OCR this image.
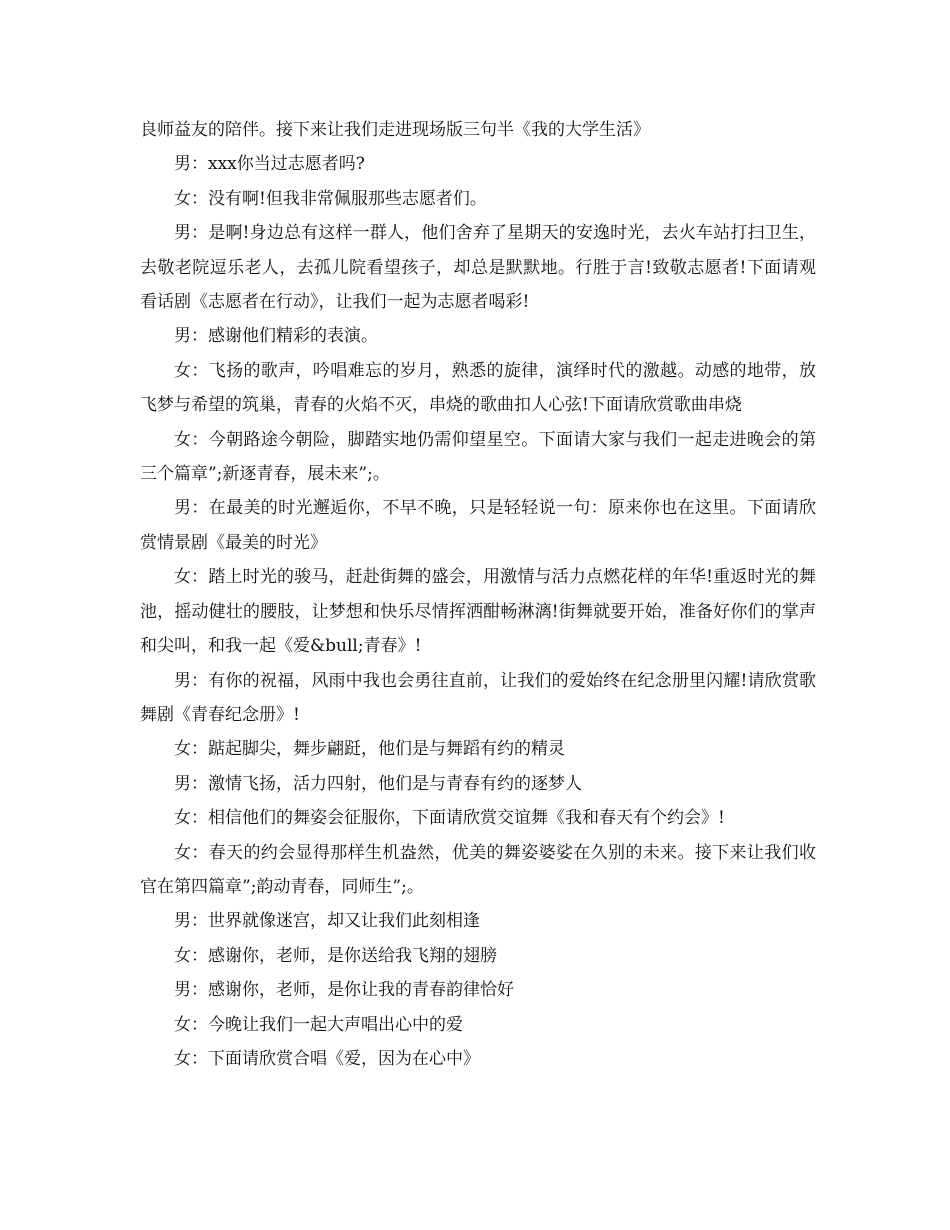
良师益友的陪伴。接下来让我们走进现场版三句半《我的大学生活》

男：xxx你当过志愿者吗?

女：没有啊!但我非常佩服那些志愿者们。

男：是啊!身边总有这样一群人，他们舍弃了星期天的安逸时光，去火车站打扫卫生，去敬老院逗乐老人，去孤儿院看望孩子，却总是默默地。行胜于言!致敬志愿者!下面请观看话剧《志愿者在行动》，让我们一起为志愿者喝彩!

男：感谢他们精彩的表演。

女：飞扬的歌声，吟唱难忘的岁月，熟悉的旋律，演绎时代的激越。动感的地带，放飞梦与希望的筑巢，青春的火焰不灭，串烧的歌曲扣人心弦!下面请欣赏歌曲串烧

女：今朝路途今朝险，脚踏实地仍需仰望星空。下面请大家与我们一起走进晚会的第三个篇章”;新逐青春，展未来”;。

男：在最美的时光邂逅你，不早不晚，只是轻轻说一句：原来你也在这里。下面请欣赏情景剧《最美的时光》

女：踏上时光的骏马，赶赴街舞的盛会，用激情与活力点燃花样的年华!重返时光的舞池，摇动健壮的腰肢，让梦想和快乐尽情挥洒酣畅淋漓!街舞就要开始，准备好你们的掌声和尖叫，和我一起《爱&bull;青春》!

男：有你的祝福，风雨中我也会勇往直前，让我们的爱始终在纪念册里闪耀!请欣赏歌舞剧《青春纪念册》!

女：踮起脚尖，舞步翩跹，他们是与舞蹈有约的精灵

男：激情飞扬，活力四射，他们是与青春有约的逐梦人

女：相信他们的舞姿会征服你，下面请欣赏交谊舞《我和春天有个约会》!

女：春天的约会显得那样生机盎然，优美的舞姿婆娑在久别的未来。接下来让我们收官在第四篇章”;韵动青春，同师生”;。

男：世界就像迷宫，却又让我们此刻相逢

女：感谢你，老师，是你送给我飞翔的翅膀

男：感谢你，老师，是你让我的青春韵律恰好

女：今晚让我们一起大声唱出心中的爱

女：下面请欣赏合唱《爱，因为在心中》
